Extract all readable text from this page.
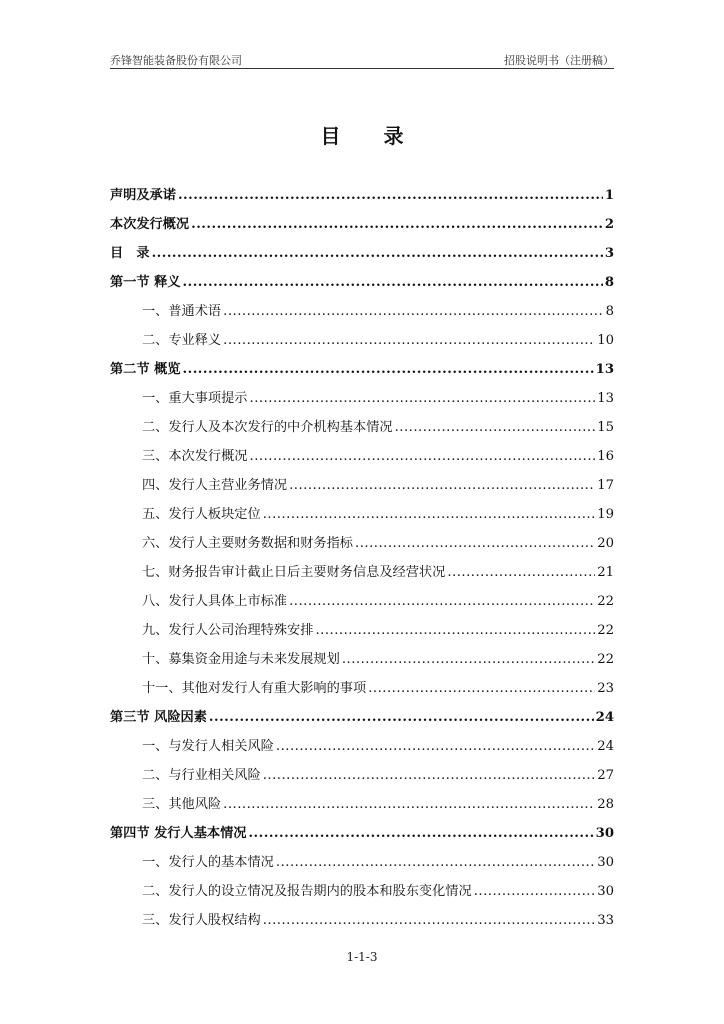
乔锋智能装备股份有限公司	招股说明书（注册稿）
目 录
声明及承诺 .....	1
本次发行概况 .....	2
目　录 .....	3
第一节 释义 .....	8
一、普通术语 .....	8
二、专业释义 .....	10
第二节 概览 .....	13
一、重大事项提示 .....	13
二、发行人及本次发行的中介机构基本情况 .....	15
三、本次发行概况 .....	16
四、发行人主营业务情况 .....	17
五、发行人板块定位 .....	19
六、发行人主要财务数据和财务指标 .....	20
七、财务报告审计截止日后主要财务信息及经营状况 .....	21
八、发行人具体上市标准 .....	22
九、发行人公司治理特殊安排 .....	22
十、募集资金用途与未来发展规划 .....	22
十一、其他对发行人有重大影响的事项 .....	23
第三节 风险因素 .....	24
一、与发行人相关风险 .....	24
二、与行业相关风险 .....	27
三、其他风险 .....	28
第四节 发行人基本情况 .....	30
一、发行人的基本情况 .....	30
二、发行人的设立情况及报告期内的股本和股东变化情况 .....	30
三、发行人股权结构 .....	33
1-1-3
